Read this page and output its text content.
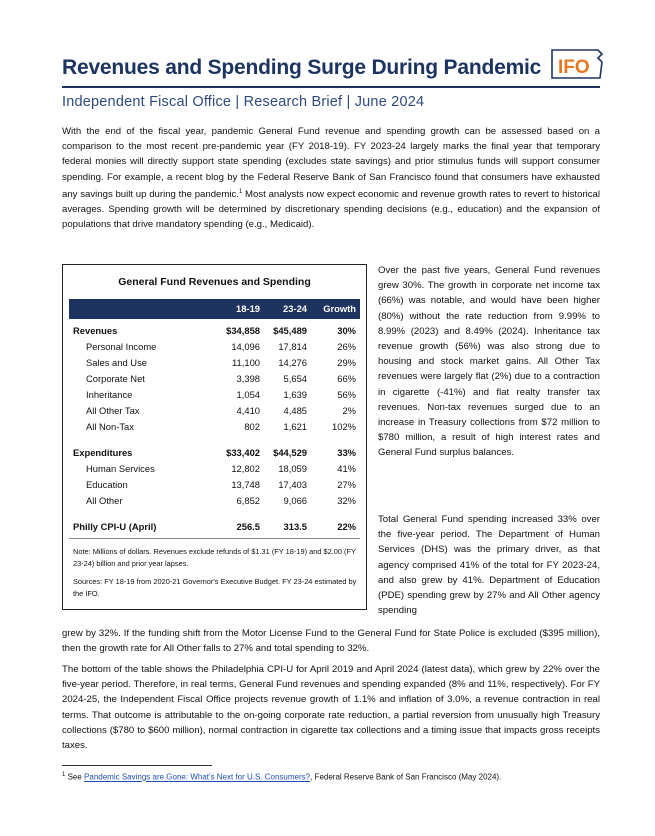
Revenues and Spending Surge During Pandemic IFO
Independent Fiscal Office | Research Brief | June 2024
With the end of the fiscal year, pandemic General Fund revenue and spending growth can be assessed based on a comparison to the most recent pre-pandemic year (FY 2018-19). FY 2023-24 largely marks the final year that temporary federal monies will directly support state spending (excludes state savings) and prior stimulus funds will support consumer spending. For example, a recent blog by the Federal Reserve Bank of San Francisco found that consumers have exhausted any savings built up during the pandemic.$^1$ Most analysts now expect economic and revenue growth rates to revert to historical averages. Spending growth will be determined by discretionary spending decisions (e.g., education) and the expansion of populations that drive mandatory spending (e.g., Medicaid).
General Fund Revenues and Spending
18-19 23-24 Growth
Revenues	$34,858 $45,489	30%
Personal Income	14,096 17,814	26%
Sales and Use	11,100 14,276	29%
Corporate Net	3,398	5,654	66%
Inheritance	1,054	1,639	56%
All Other Tax	4,410	4,485	2%
All Non-Tax	802	1,621	102%
Expenditures	$33,402 $44,529	33%
Human Services	12,802 18,059	41%
Education	13,748 17,403	27%
All Other	6,852	9,066	32%
Philly CPI-U (April)	256.5	313.5	22%
Note: Millions of dollars. Revenues exclude refunds of $1.31 (FY 18-19) and $2.00 (FY 23-24) billion and prior year lapses.
Sources: FY 18-19 from 2020-21 Governor's Executive Budget. FY 23-24 estimated by the IFO.
Over the past five years, General Fund revenues grew 30%. The growth in corporate net income tax (66%) was notable, and would have been higher (80%) without the rate reduction from 9.99% to 8.99% (2023) and 8.49% (2024). Inheritance tax revenue growth (56%) was also strong due to housing and stock market gains. All Other Tax revenues were largely flat (2%) due to a contraction in cigarette (-41%) and flat realty transfer tax revenues. Non-tax revenues surged due to an increase in Treasury collections from $72 million to $780 million, a result of high interest rates and General Fund surplus balances.
Total General Fund spending increased 33% over the five-year period. The Department of Human Services (DHS) was the primary driver, as that agency comprised 41% of the total for FY 2023-24, and also grew by 41%. Department of Education (PDE) spending grew by 27% and All Other agency spending
grew by 32%. If the funding shift from the Motor License Fund to the General Fund for State Police is excluded ($395 million), then the growth rate for All Other falls to 27% and total spending to 32%.
The bottom of the table shows the Philadelphia CPI-U for April 2019 and April 2024 (latest data), which grew by 22% over the five-year period. Therefore, in real terms, General Fund revenues and spending expanded (8% and 11%, respectively). For FY 2024-25, the Independent Fiscal Office projects revenue growth of 1.1% and inflation of 3.0%, a revenue contraction in real terms. That outcome is attributable to the on-going corporate rate reduction, a partial reversion from unusually high Treasury collections ($780 to $600 million), normal contraction in cigarette tax collections and a timing issue that impacts gross receipts taxes.
$^1$ See Pandemic Savings are Gone: What's Next for U.S. Consumers?, Federal Reserve Bank of San Francisco (May 2024).
